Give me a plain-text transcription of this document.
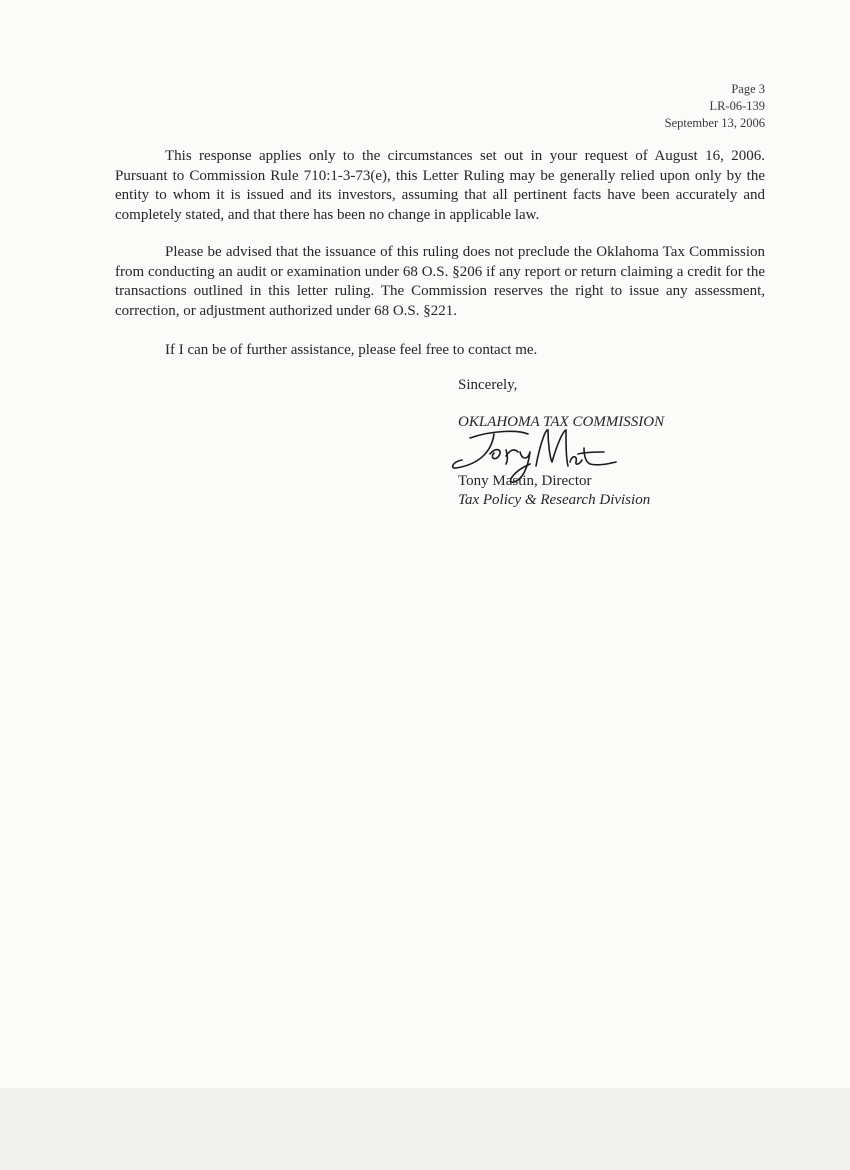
Page 3
LR-06-139
September 13, 2006

This response applies only to the circumstances set out in your request of August 16, 2006. Pursuant to Commission Rule 710:1-3-73(e), this Letter Ruling may be generally relied upon only by the entity to whom it is issued and its investors, assuming that all pertinent facts have been accurately and completely stated, and that there has been no change in applicable law.

Please be advised that the issuance of this ruling does not preclude the Oklahoma Tax Commission from conducting an audit or examination under 68 O.S. §206 if any report or return claiming a credit for the transactions outlined in this letter ruling. The Commission reserves the right to issue any assessment, correction, or adjustment authorized under 68 O.S. §221.

If I can be of further assistance, please feel free to contact me.
Sincerely,
OKLAHOMA TAX COMMISSION
Tony Mastin, Director
Tax Policy & Research Division
